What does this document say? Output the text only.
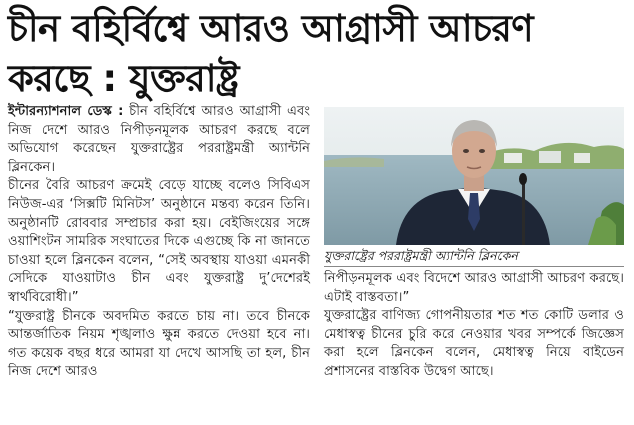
চীন বহির্বিশ্বে আরও আগ্রাসী আচরণ
করছে : যুক্তরাষ্ট্র

ইন্টারন্যাশনাল ডেস্ক : চীন বহির্বিশ্বে আরও আগ্রাসী এবং নিজ দেশে আরও নিপীড়নমূলক আচরণ করছে বলে অভিযোগ করেছেন যুক্তরাষ্ট্রের পররাষ্ট্রমন্ত্রী অ্যান্টনি ব্লিনকেন।

চীনের বৈরি আচরণ ক্রমেই বেড়ে যাচ্ছে বলেও সিবিএস নিউজ-এর ‘সিক্সটি মিনিটস’ অনুষ্ঠানে মন্তব্য করেন তিনি। অনুষ্ঠানটি রোববার সম্প্রচার করা হয়। বেইজিংয়ের সঙ্গে ওয়াশিংটন সামরিক সংঘাতের দিকে এগুচ্ছে কি না জানতে চাওয়া হলে ব্লিনকেন বলেন, “সেই অবস্থায় যাওয়া এমনকী সেদিকে যাওয়াটাও চীন এবং যুক্তরাষ্ট্র দু’দেশেরই স্বার্থবিরোধী।”

“যুক্তরাষ্ট্র চীনকে অবদমিত করতে চায় না। তবে চীনকে আন্তর্জাতিক নিয়ম শৃঙ্খলাও ক্ষুন্ন করতে দেওয়া হবে না। গত কয়েক বছর ধরে আমরা যা দেখে আসছি তা হল, চীন নিজ দেশে আরও

যুক্তরাষ্ট্রের পররাষ্ট্রমন্ত্রী অ্যান্টনি ব্লিনকেন

নিপীড়নমূলক এবং বিদেশে আরও আগ্রাসী আচরণ করছে। এটাই বাস্তবতা।”

যুক্তরাষ্ট্রের বাণিজ্য গোপনীয়তার শত শত কোটি ডলার ও মেধাস্বত্ব চীনের চুরি করে নেওয়ার খবর সম্পর্কে জিজ্ঞেস করা হলে ব্লিনকেন বলেন, মেধাস্বত্ব নিয়ে বাইডেন প্রশাসনের বাস্তবিক উদ্বেগ আছে।
